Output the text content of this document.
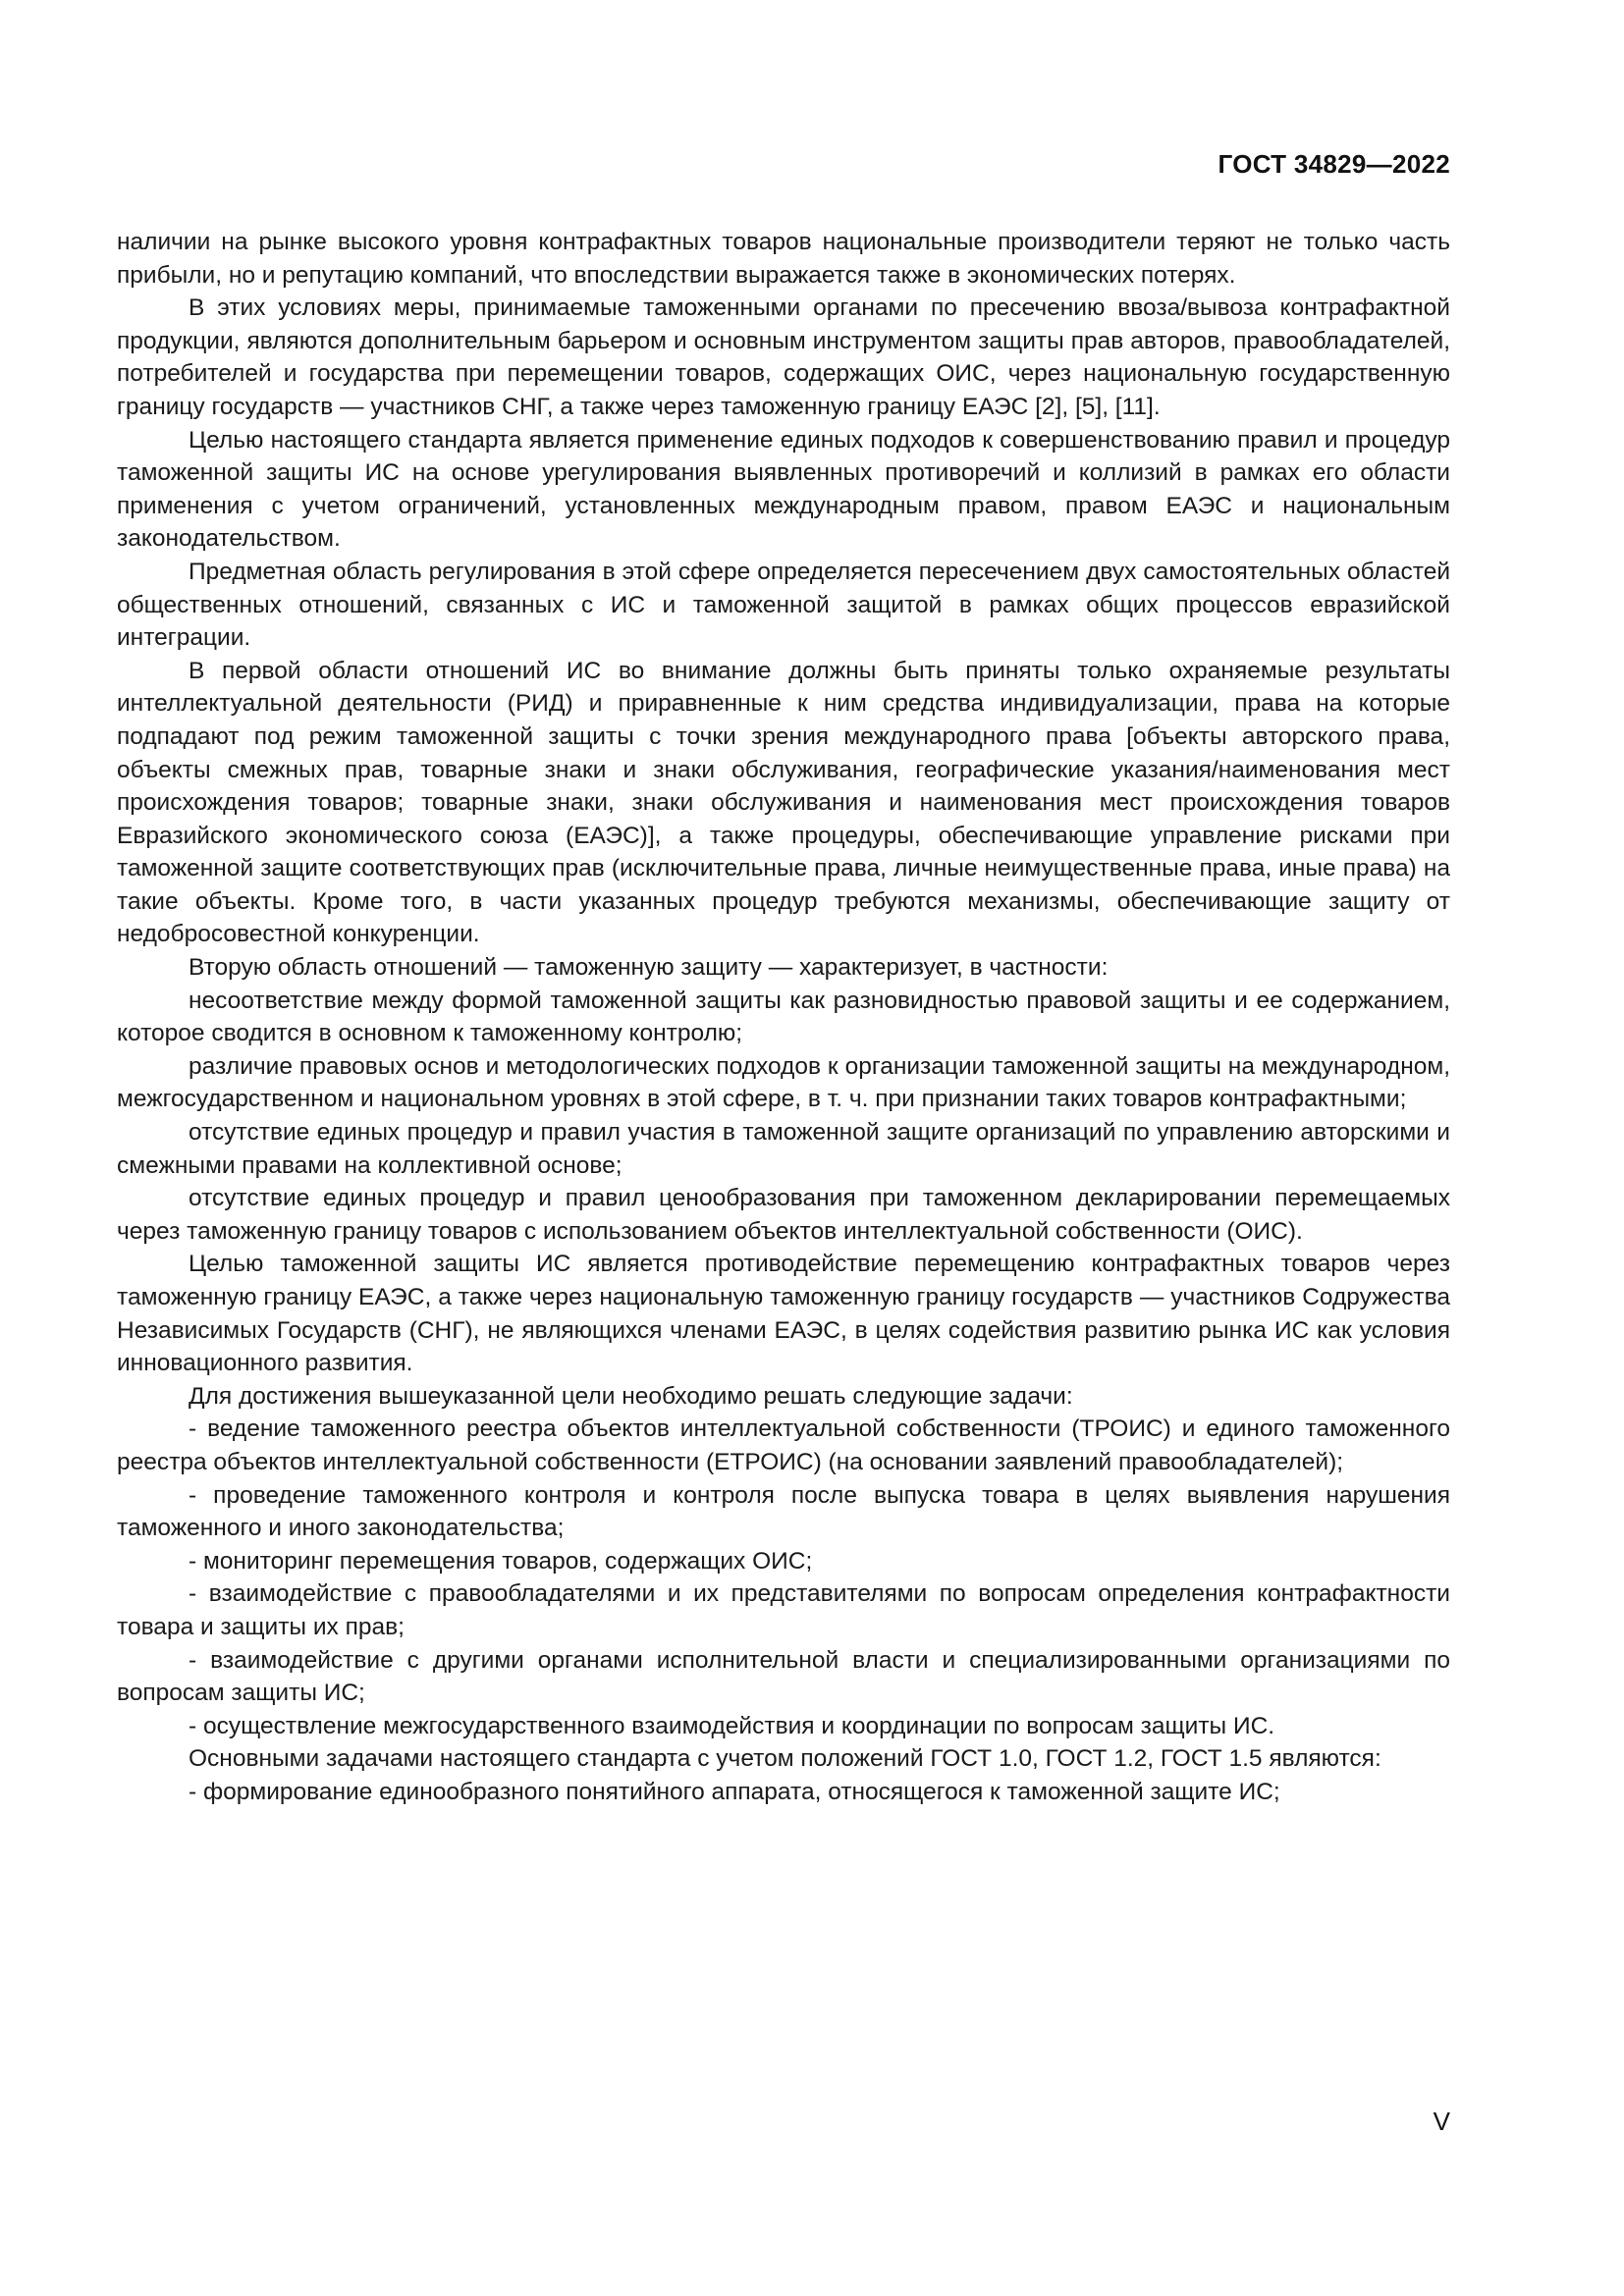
ГОСТ 34829—2022

наличии на рынке высокого уровня контрафактных товаров национальные производители теряют не только часть прибыли, но и репутацию компаний, что впоследствии выражается также в экономических потерях.

В этих условиях меры, принимаемые таможенными органами по пресечению ввоза/вывоза контрафактной продукции, являются дополнительным барьером и основным инструментом защиты прав авторов, правообладателей, потребителей и государства при перемещении товаров, содержащих ОИС, через национальную государственную границу государств — участников СНГ, а также через таможенную границу ЕАЭС [2], [5], [11].

Целью настоящего стандарта является применение единых подходов к совершенствованию правил и процедур таможенной защиты ИС на основе урегулирования выявленных противоречий и коллизий в рамках его области применения с учетом ограничений, установленных международным правом, правом ЕАЭС и национальным законодательством.

Предметная область регулирования в этой сфере определяется пересечением двух самостоятельных областей общественных отношений, связанных с ИС и таможенной защитой в рамках общих процессов евразийской интеграции.

В первой области отношений ИС во внимание должны быть приняты только охраняемые результаты интеллектуальной деятельности (РИД) и приравненные к ним средства индивидуализации, права на которые подпадают под режим таможенной защиты с точки зрения международного права [объекты авторского права, объекты смежных прав, товарные знаки и знаки обслуживания, географические указания/наименования мест происхождения товаров; товарные знаки, знаки обслуживания и наименования мест происхождения товаров Евразийского экономического союза (ЕАЭС)], а также процедуры, обеспечивающие управление рисками при таможенной защите соответствующих прав (исключительные права, личные неимущественные права, иные права) на такие объекты. Кроме того, в части указанных процедур требуются механизмы, обеспечивающие защиту от недобросовестной конкуренции.

Вторую область отношений — таможенную защиту — характеризует, в частности:

несоответствие между формой таможенной защиты как разновидностью правовой защиты и ее содержанием, которое сводится в основном к таможенному контролю;

различие правовых основ и методологических подходов к организации таможенной защиты на международном, межгосударственном и национальном уровнях в этой сфере, в т. ч. при признании таких товаров контрафактными;

отсутствие единых процедур и правил участия в таможенной защите организаций по управлению авторскими и смежными правами на коллективной основе;

отсутствие единых процедур и правил ценообразования при таможенном декларировании перемещаемых через таможенную границу товаров с использованием объектов интеллектуальной собственности (ОИС).

Целью таможенной защиты ИС является противодействие перемещению контрафактных товаров через таможенную границу ЕАЭС, а также через национальную таможенную границу государств — участников Содружества Независимых Государств (СНГ), не являющихся членами ЕАЭС, в целях содействия развитию рынка ИС как условия инновационного развития.

Для достижения вышеуказанной цели необходимо решать следующие задачи:

- ведение таможенного реестра объектов интеллектуальной собственности (ТРОИС) и единого таможенного реестра объектов интеллектуальной собственности (ЕТРОИС) (на основании заявлений правообладателей);

- проведение таможенного контроля и контроля после выпуска товара в целях выявления нарушения таможенного и иного законодательства;

- мониторинг перемещения товаров, содержащих ОИС;

- взаимодействие с правообладателями и их представителями по вопросам определения контрафактности товара и защиты их прав;

- взаимодействие с другими органами исполнительной власти и специализированными организациями по вопросам защиты ИС;

- осуществление межгосударственного взаимодействия и координации по вопросам защиты ИС.

Основными задачами настоящего стандарта с учетом положений ГОСТ 1.0, ГОСТ 1.2, ГОСТ 1.5 являются:

- формирование единообразного понятийного аппарата, относящегося к таможенной защите ИС;

V
